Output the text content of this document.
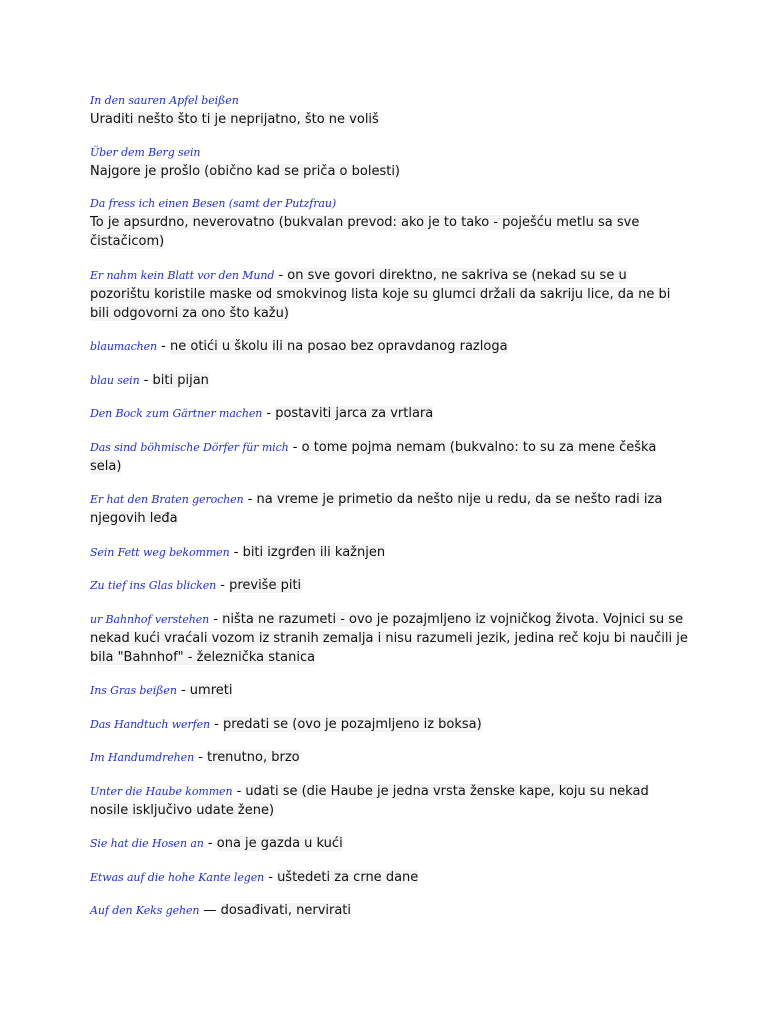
In den sauren Apfel beißen
Uraditi nešto što ti je neprijatno, što ne voliš

Über dem Berg sein
Najgore je prošlo (obično kad se priča o bolesti)

Da fress ich einen Besen (samt der Putzfrau)
To je apsurdno, neverovatno (bukvalan prevod: ako je to tako - poješću metlu sa sve čistačicom)

Er nahm kein Blatt vor den Mund - on sve govori direktno, ne sakriva se (nekad su se u pozorištu koristile maske od smokvinog lista koje su glumci držali da sakriju lice, da ne bi bili odgovorni za ono što kažu)

blaumachen - ne otići u školu ili na posao bez opravdanog razloga

blau sein - biti pijan

Den Bock zum Gärtner machen - postaviti jarca za vrtlara

Das sind böhmische Dörfer für mich - o tome pojma nemam (bukvalno: to su za mene češka sela)

Er hat den Braten gerochen - na vreme je primetio da nešto nije u redu, da se nešto radi iza njegovih leđa

Sein Fett weg bekommen - biti izgrđen ili kažnjen

Zu tief ins Glas blicken - previše piti

ur Bahnhof verstehen - ništa ne razumeti - ovo je pozajmljeno iz vojničkog života. Vojnici su se nekad kući vraćali vozom iz stranih zemalja i nisu razumeli jezik, jedina reč koju bi naučili je bila "Bahnhof" - železnička stanica

Ins Gras beißen - umreti

Das Handtuch werfen - predati se (ovo je pozajmljeno iz boksa)

Im Handumdrehen - trenutno, brzo

Unter die Haube kommen - udati se (die Haube je jedna vrsta ženske kape, koju su nekad nosile isključivo udate žene)

Sie hat die Hosen an - ona je gazda u kući

Etwas auf die hohe Kante legen - uštedeti za crne dane

Auf den Keks gehen — dosađivati, nervirati
